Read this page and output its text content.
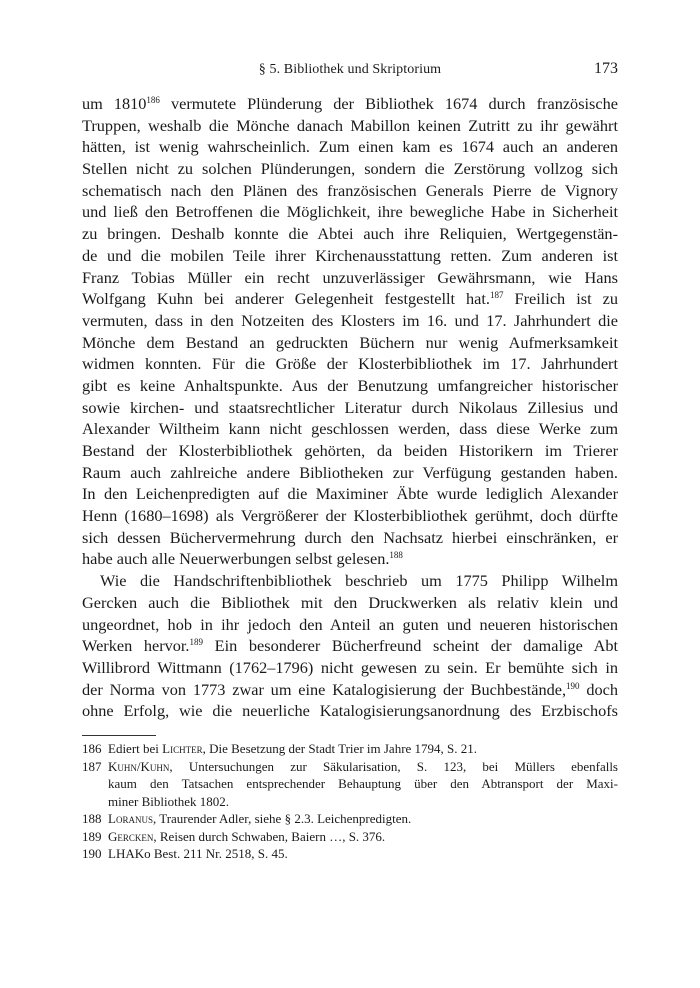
§ 5. Bibliothek und Skriptorium	173
um 1810$^{186}$ vermutete Plünderung der Bibliothek 1674 durch französische
Truppen, weshalb die Mönche danach Mabillon keinen Zutritt zu ihr gewährt
hätten, ist wenig wahrscheinlich. Zum einen kam es 1674 auch an anderen
Stellen nicht zu solchen Plünderungen, sondern die Zerstörung vollzog sich
schematisch nach den Plänen des französischen Generals Pierre de Vignory
und ließ den Betroffenen die Möglichkeit, ihre bewegliche Habe in Sicherheit
zu bringen. Deshalb konnte die Abtei auch ihre Reliquien, Wertgegenstän-
de und die mobilen Teile ihrer Kirchenausstattung retten. Zum anderen ist
Franz Tobias Müller ein recht unzuverlässiger Gewährsmann, wie Hans
Wolfgang Kuhn bei anderer Gelegenheit festgestellt hat.$^{187}$ Freilich ist zu
vermuten, dass in den Notzeiten des Klosters im 16. und 17. Jahrhundert die
Mönche dem Bestand an gedruckten Büchern nur wenig Aufmerksamkeit
widmen konnten. Für die Größe der Klosterbibliothek im 17. Jahrhundert
gibt es keine Anhaltspunkte. Aus der Benutzung umfangreicher historischer
sowie kirchen- und staatsrechtlicher Literatur durch Nikolaus Zillesius und
Alexander Wiltheim kann nicht geschlossen werden, dass diese Werke zum
Bestand der Klosterbibliothek gehörten, da beiden Historikern im Trierer
Raum auch zahlreiche andere Bibliotheken zur Verfügung gestanden haben.
In den Leichenpredigten auf die Maximiner Äbte wurde lediglich Alexander
Henn (1680–1698) als Vergrößerer der Klosterbibliothek gerühmt, doch dürfte
sich dessen Büchervermehrung durch den Nachsatz hierbei einschränken, er
habe auch alle Neuerwerbungen selbst gelesen.$^{188}$
Wie die Handschriftenbibliothek beschrieb um 1775 Philipp Wilhelm
Gercken auch die Bibliothek mit den Druckwerken als relativ klein und
ungeordnet, hob in ihr jedoch den Anteil an guten und neueren historischen
Werken hervor.$^{189}$ Ein besonderer Bücherfreund scheint der damalige Abt
Willibrord Wittmann (1762–1796) nicht gewesen zu sein. Er bemühte sich in
der Norma von 1773 zwar um eine Katalogisierung der Buchbestände,$^{190}$ doch
ohne Erfolg, wie die neuerliche Katalogisierungsanordnung des Erzbischofs
186 Ediert bei Lichter, Die Besetzung der Stadt Trier im Jahre 1794, S. 21.
187 Kuhn/Kuhn, Untersuchungen zur Säkularisation, S. 123, bei Müllers ebenfalls
kaum den Tatsachen entsprechender Behauptung über den Abtransport der Maxi-
miner Bibliothek 1802.
188 Loranus, Traurender Adler, siehe § 2.3. Leichenpredigten.
189 Gercken, Reisen durch Schwaben, Baiern …, S. 376.
190 LHAKo Best. 211 Nr. 2518, S. 45.
